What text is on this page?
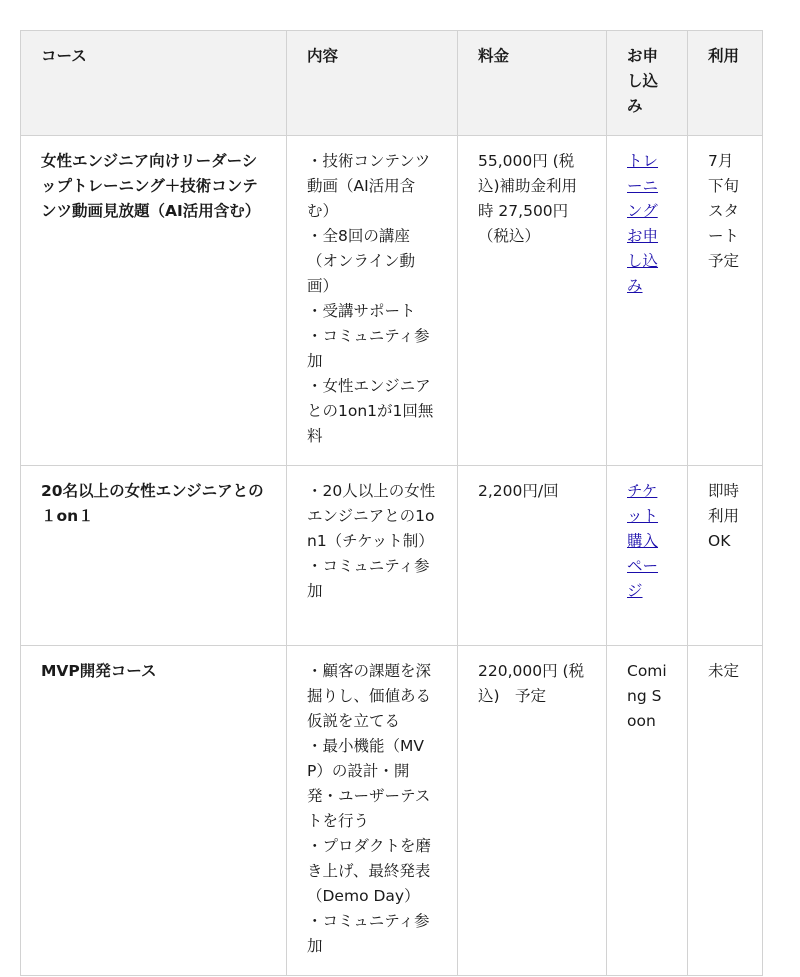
コース	内容	料金	お申し込み	利用
女性エンジニア向けリーダーシップトレーニング＋技術コンテンツ動画見放題（AI活用含む）	・技術コンテンツ動画（AI活用含む）
・全8回の講座（オンライン動画）
・受講サポート
・コミュニティ参加
・女性エンジニアとの1on1が1回無料	55,000円 (税込)補助金利用時 27,500円（税込）	トレーニングお申し込み	7月下旬スタート予定
20名以上の女性エンジニアとの１on１	・20人以上の女性エンジニアとの1on1（チケット制）
・コミュニティ参加	2,200円/回	チケット購入ページ	即時利用OK
MVP開発コース	・顧客の課題を深掘りし、価値ある仮説を立てる
・最小機能（MVP）の設計・開発・ユーザーテストを行う
・プロダクトを磨き上げ、最終発表（Demo Day）
・コミュニティ参加	220,000円 (税込)　予定	Coming Soon	未定
